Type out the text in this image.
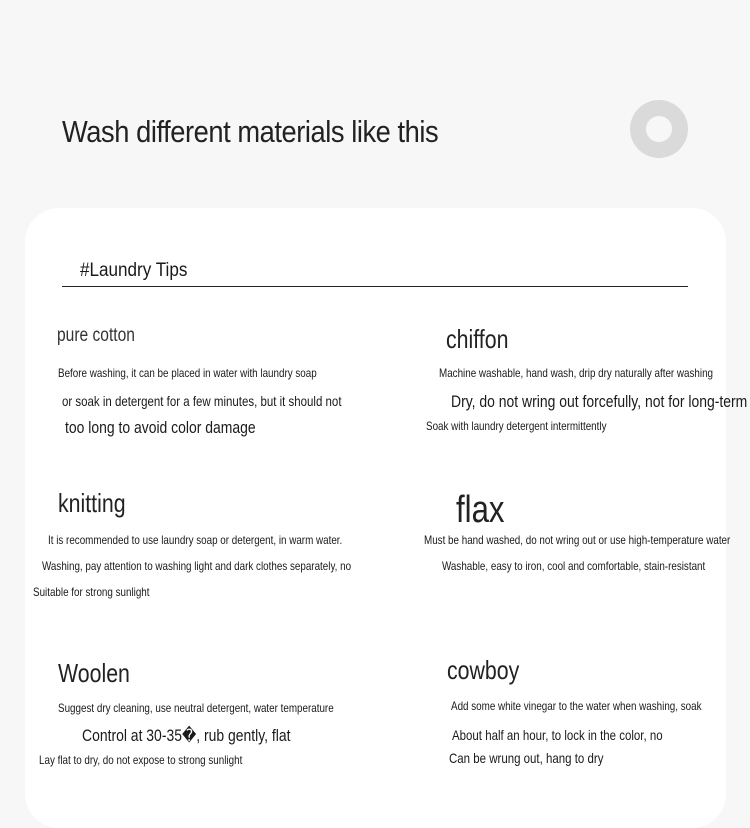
Wash different materials like this
#Laundry Tips
pure cotton
Before washing, it can be placed in water with laundry soap
or soak in detergent for a few minutes, but it should not
too long to avoid color damage
chiffon
Machine washable, hand wash, drip dry naturally after washing
Dry, do not wring out forcefully, not for long-term
Soak with laundry detergent intermittently
knitting
It is recommended to use laundry soap or detergent, in warm water.
Washing, pay attention to washing light and dark clothes separately, no
Suitable for strong sunlight
flax
Must be hand washed, do not wring out or use high-temperature water
Washable, easy to iron, cool and comfortable, stain-resistant
Woolen
Suggest dry cleaning, use neutral detergent, water temperature
Control at 30-35�, rub gently, flat
Lay flat to dry, do not expose to strong sunlight
cowboy
Add some white vinegar to the water when washing, soak
About half an hour, to lock in the color, no
Can be wrung out, hang to dry
